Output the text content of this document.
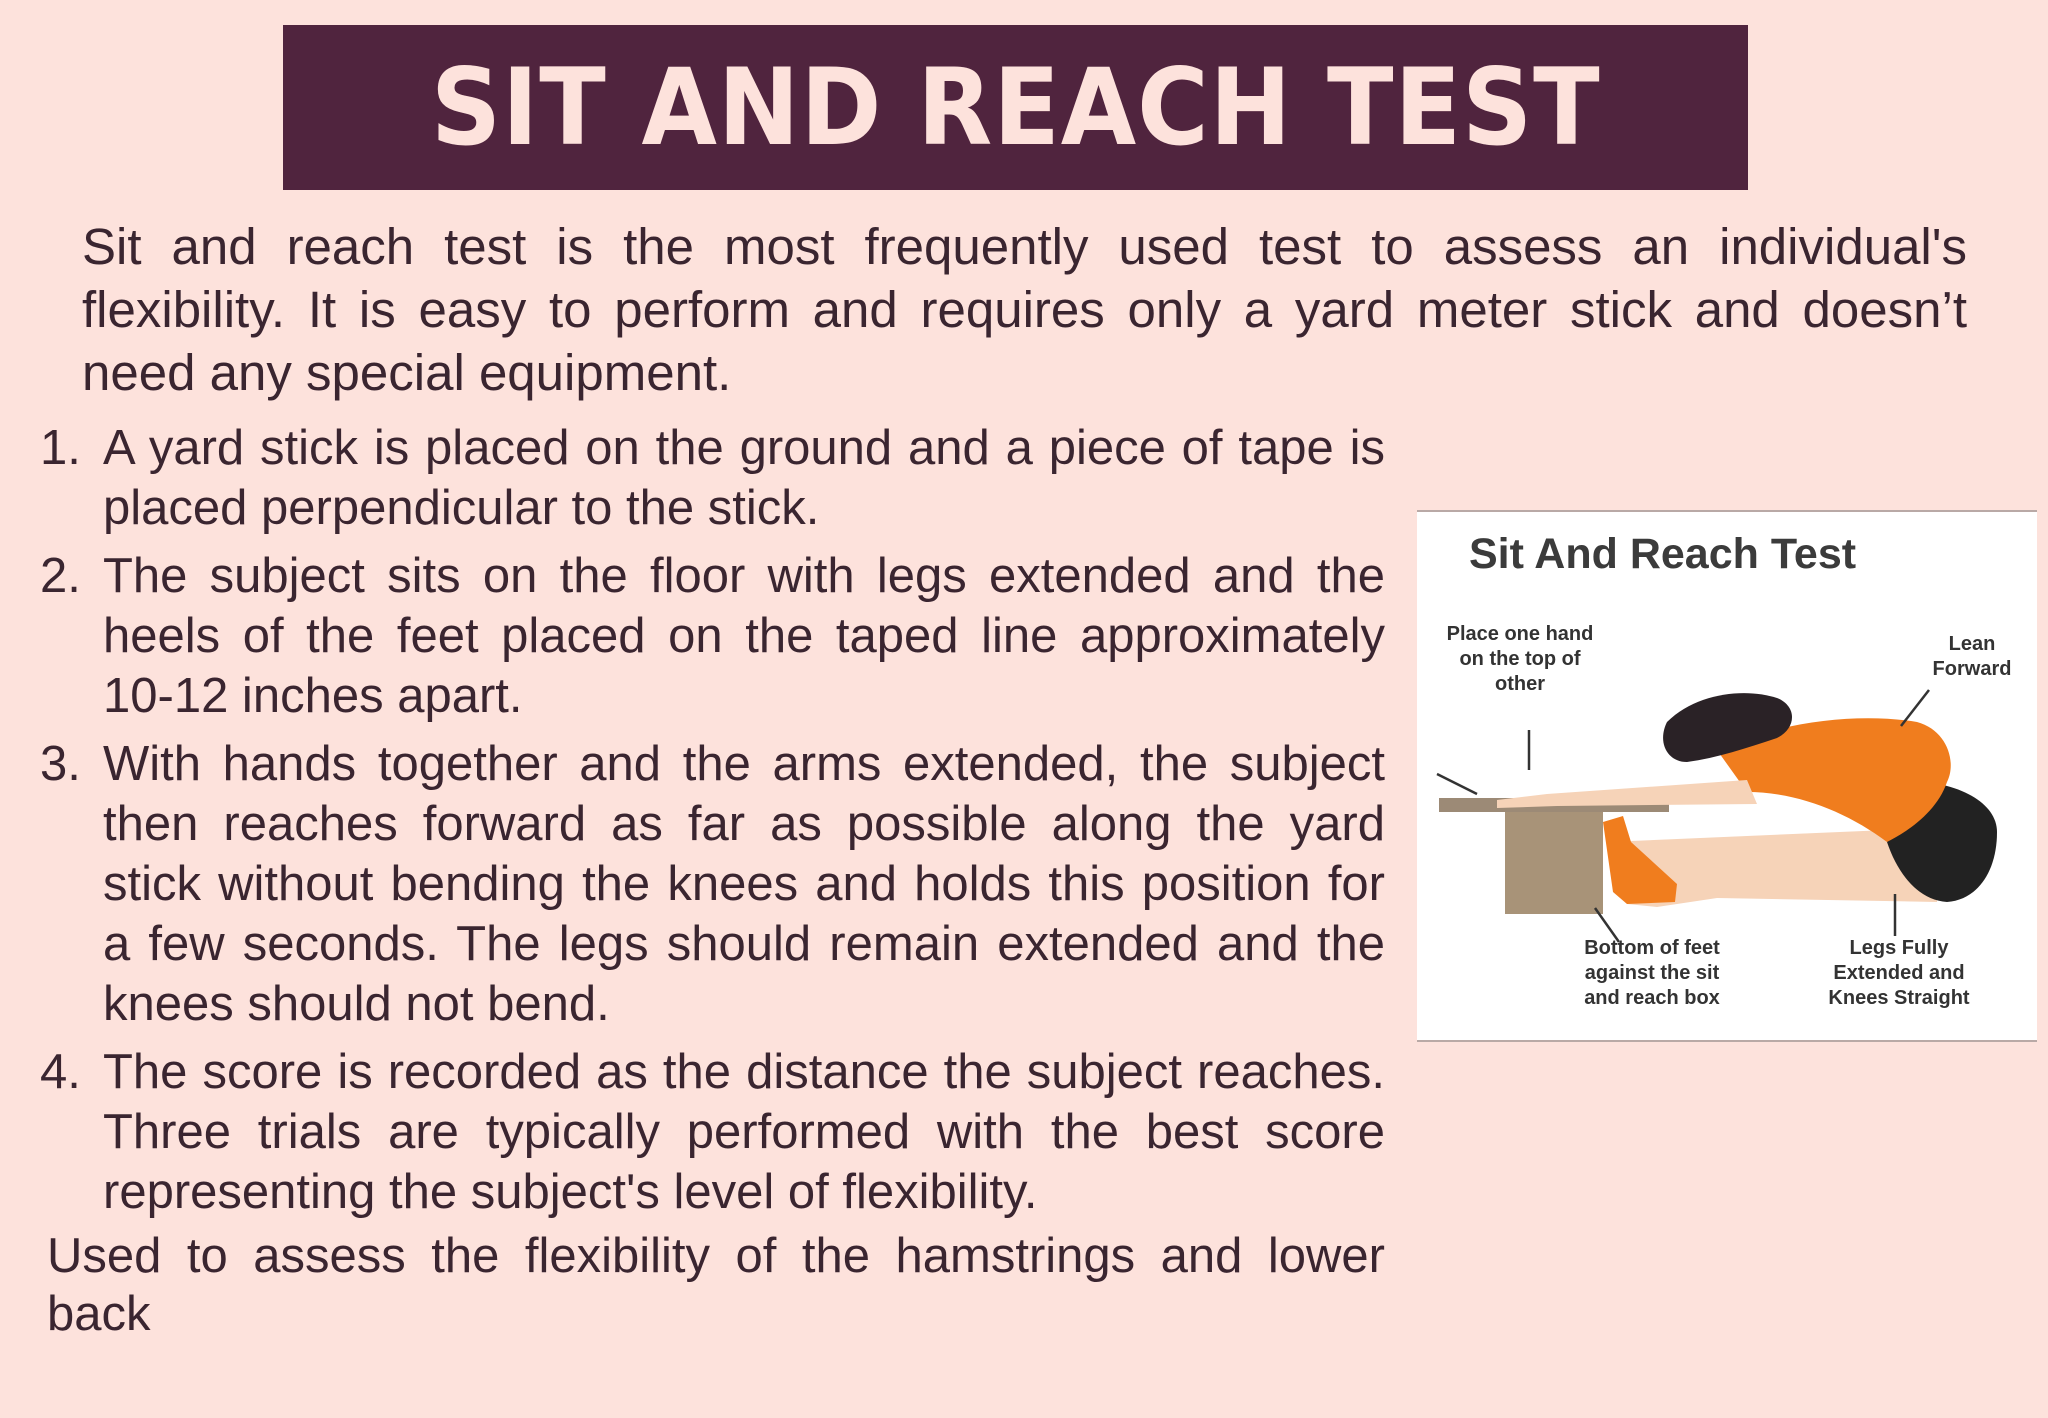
SIT AND REACH TEST
Sit and reach test is the most frequently used test to assess an individual's flexibility. It is easy to perform and requires only a yard meter stick and doesn’t need any special equipment.
1. A yard stick is placed on the ground and a piece of tape is placed perpendicular to the stick.
2. The subject sits on the floor with legs extended and the heels of the feet placed on the taped line approximately 10-12 inches apart.
3. With hands together and the arms extended, the subject then reaches forward as far as possible along the yard stick without bending the knees and holds this position for a few seconds. The legs should remain extended and the knees should not bend.
4. The score is recorded as the distance the subject reaches. Three trials are typically performed with the best score representing the subject's level of flexibility.
Used to assess the flexibility of the hamstrings and lower back
Sit And Reach Test
Place one hand
on the top of
other
Lean
Forward
Bottom of feet
against the sit
and reach box
Legs Fully
Extended and
Knees Straight
